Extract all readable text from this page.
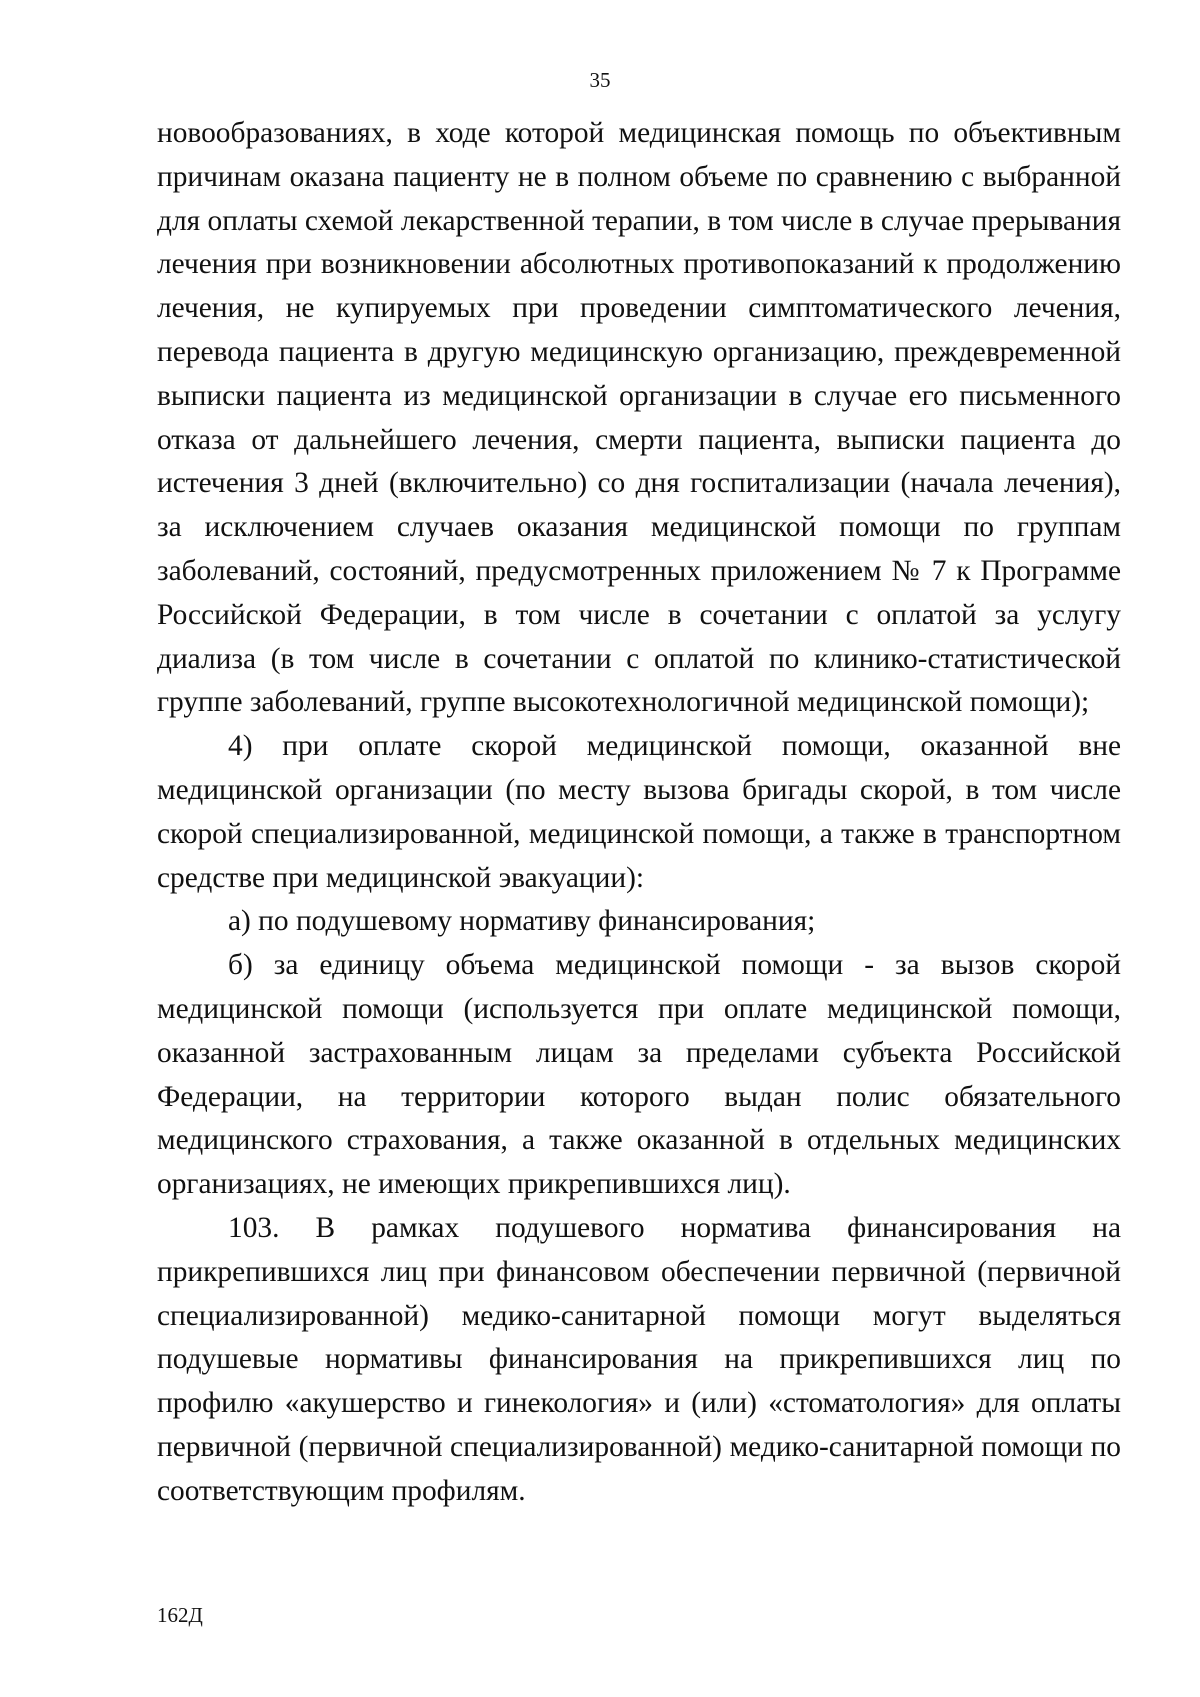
35

новообразованиях, в ходе которой медицинская помощь по объективным причинам оказана пациенту не в полном объеме по сравнению с выбранной для оплаты схемой лекарственной терапии, в том числе в случае прерывания лечения при возникновении абсолютных противопоказаний к продолжению лечения, не купируемых при проведении симптоматического лечения, перевода пациента в другую медицинскую организацию, преждевременной выписки пациента из медицинской организации в случае его письменного отказа от дальнейшего лечения, смерти пациента, выписки пациента до истечения 3 дней (включительно) со дня госпитализации (начала лечения), за исключением случаев оказания медицинской помощи по группам заболеваний, состояний, предусмотренных приложением № 7 к Программе Российской Федерации, в том числе в сочетании с оплатой за услугу диализа (в том числе в сочетании с оплатой по клинико-статистической группе заболеваний, группе высокотехнологичной медицинской помощи);

4) при оплате скорой медицинской помощи, оказанной вне медицинской организации (по месту вызова бригады скорой, в том числе скорой специализированной, медицинской помощи, а также в транспортном средстве при медицинской эвакуации):

а) по подушевому нормативу финансирования;

б) за единицу объема медицинской помощи - за вызов скорой медицинской помощи (используется при оплате медицинской помощи, оказанной застрахованным лицам за пределами субъекта Российской Федерации, на территории которого выдан полис обязательного медицинского страхования, а также оказанной в отдельных медицинских организациях, не имеющих прикрепившихся лиц).

103. В рамках подушевого норматива финансирования на прикрепившихся лиц при финансовом обеспечении первичной (первичной специализированной) медико-санитарной помощи могут выделяться подушевые нормативы финансирования на прикрепившихся лиц по профилю «акушерство и гинекология» и (или) «стоматология» для оплаты первичной (первичной специализированной) медико-санитарной помощи по соответствующим профилям.

162Д
